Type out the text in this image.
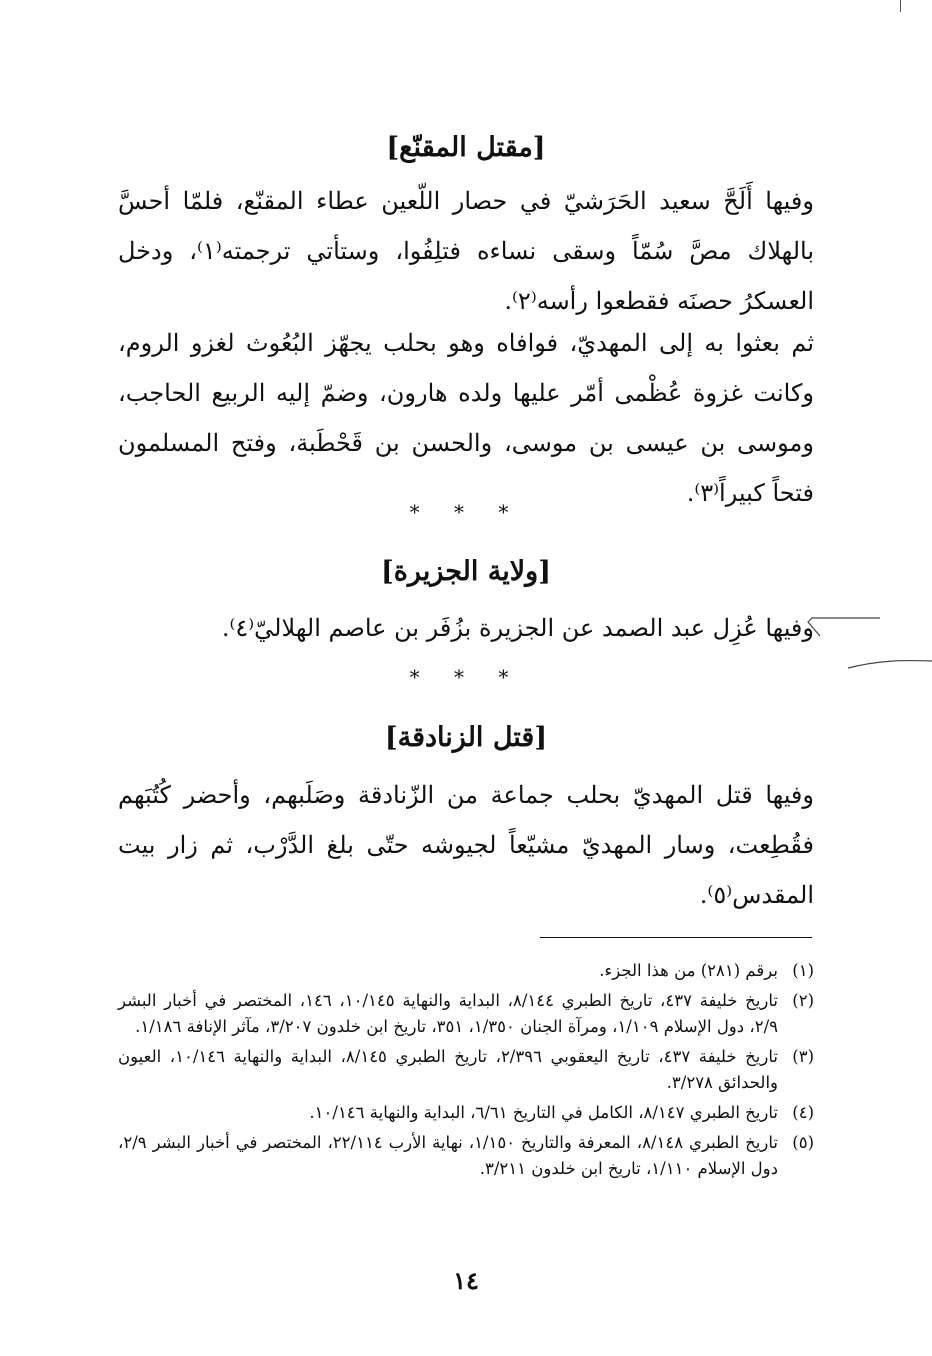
[مقتل المقنّع]
وفيها أَلَحَّ سعيد الحَرَشيّ في حصار اللّعين عطاء المقنّع، فلمّا أحسَّ بالهلاك مصَّ سُمّاً وسقى نساءه فتلِفُوا، وستأتي ترجمته⁽١⁾، ودخل العسكرُ حصنَه فقطعوا رأسه⁽٢⁾.
ثم بعثوا به إلى المهديّ، فوافاه وهو بحلب يجهّز البُعُوث لغزو الروم، وكانت غزوة عُظْمى أمّر عليها ولده هارون، وضمّ إليه الربيع الحاجب، وموسى بن عيسى بن موسى، والحسن بن قَحْطَبة، وفتح المسلمون فتحاً كبيراً⁽٣⁾.
* * *
[ولاية الجزيرة]
وفيها عُزِل عبد الصمد عن الجزيرة بزُفَر بن عاصم الهلاليّ⁽٤⁾.
* * *
[قتل الزنادقة]
وفيها قتل المهديّ بحلب جماعة من الزّنادقة وصَلَبهم، وأحضر كُتُبَهم فقُطِعت، وسار المهديّ مشيّعاً لجيوشه حتّى بلغ الدَّرْب، ثم زار بيت المقدس⁽٥⁾.
(١)
برقم (٢٨١) من هذا الجزء.
(٢)
تاريخ خليفة ٤٣٧، تاريخ الطبري ٨/١٤٤، البداية والنهاية ١٠/١٤٥، ١٤٦، المختصر في أخبار البشر ٢/٩، دول الإسلام ١/١٠٩، ومرآة الجنان ١/٣٥٠، ٣٥١، تاريخ ابن خلدون ٣/٢٠٧، مآثر الإنافة ١/١٨٦.
(٣)
تاريخ خليفة ٤٣٧، تاريخ اليعقوبي ٢/٣٩٦، تاريخ الطبري ٨/١٤٥، البداية والنهاية ١٠/١٤٦، العيون والحدائق ٣/٢٧٨.
(٤)
تاريخ الطبري ٨/١٤٧، الكامل في التاريخ ٦/٦١، البداية والنهاية ١٠/١٤٦.
(٥)
تاريخ الطبري ٨/١٤٨، المعرفة والتاريخ ١/١٥٠، نهاية الأرب ٢٢/١١٤، المختصر في أخبار البشر ٢/٩، دول الإسلام ١/١١٠، تاريخ ابن خلدون ٣/٢١١.
١٤
